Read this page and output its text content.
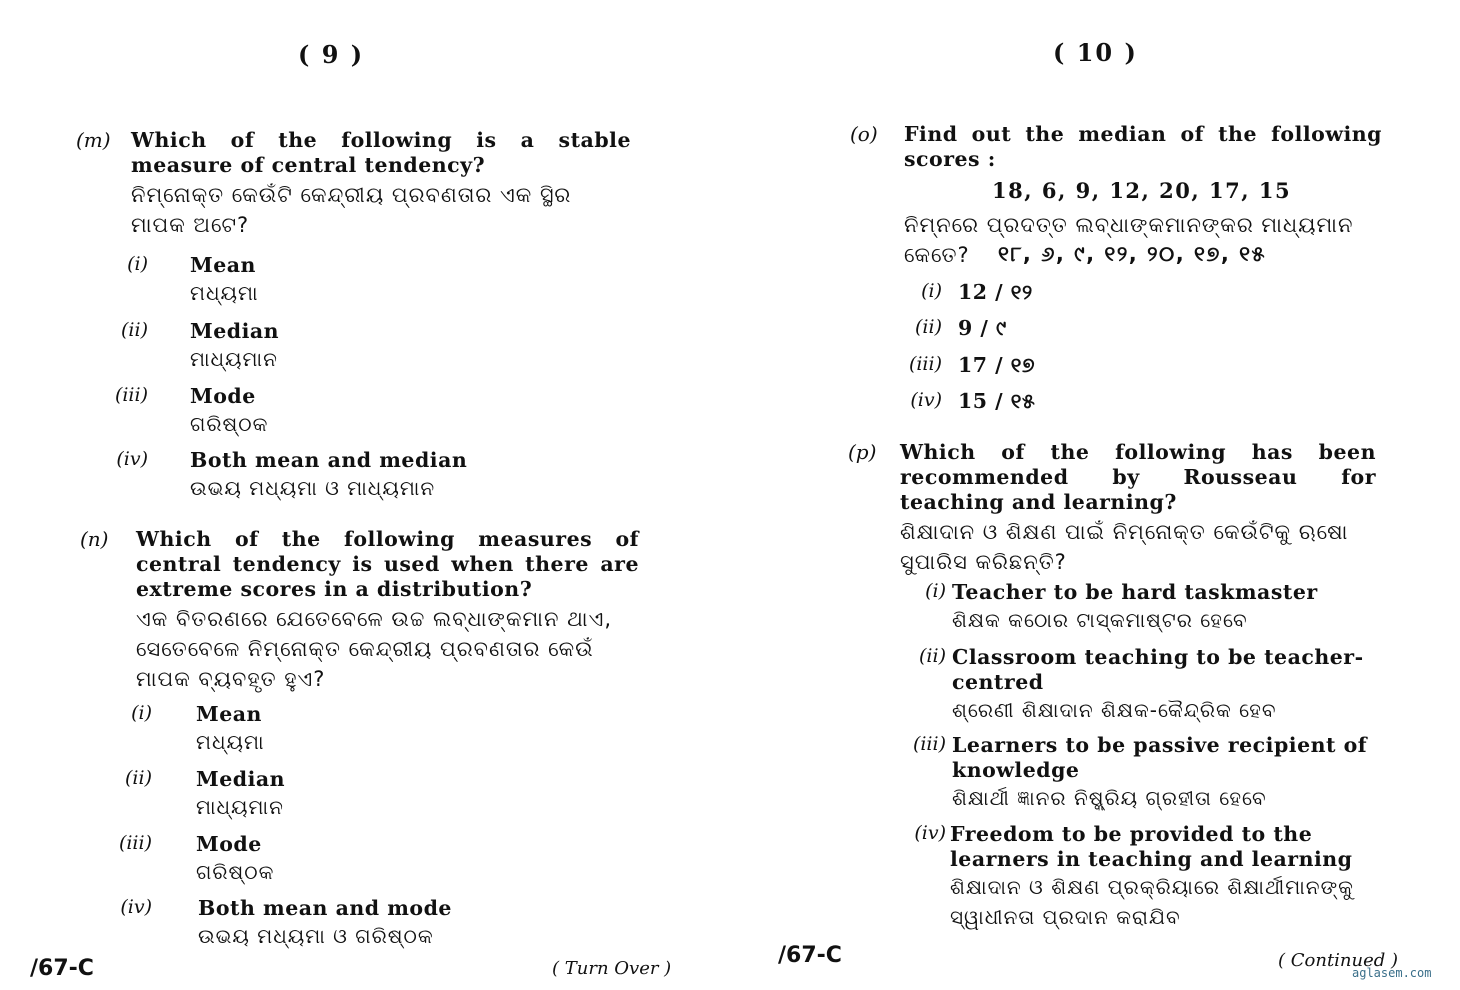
( 9 )
(m) Which of the following is a stable measure of central tendency?
ନିମ୍ନୋକ୍ତ କେଉଁଟି କେନ୍ଦ୍ରୀୟ ପ୍ରବଣତାର ଏକ ସ୍ଥିର ମାପକ ଅଟେ?
(i) Mean
ମଧ୍ୟମା
(ii) Median
ମାଧ୍ୟମାନ
(iii) Mode
ଗରିଷ୍ଠକ
(iv) Both mean and median
ଉଭୟ ମଧ୍ୟମା ଓ ମାଧ୍ୟମାନ
(n) Which of the following measures of central tendency is used when there are extreme scores in a distribution?
ଏକ ବିତରଣରେ ଯେତେବେଳେ ଉଚ୍ଚ ଲବ୍ଧାଙ୍କମାନ ଥାଏ, ସେତେବେଳେ ନିମ୍ନୋକ୍ତ କେନ୍ଦ୍ରୀୟ ପ୍ରବଣତାର କେଉଁ ମାପକ ବ୍ୟବହୃତ ହୁଏ?
(i) Mean
ମଧ୍ୟମା
(ii) Median
ମାଧ୍ୟମାନ
(iii) Mode
ଗରିଷ୍ଠକ
(iv) Both mean and mode
ଉଭୟ ମଧ୍ୟମା ଓ ଗରିଷ୍ଠକ
/67-C	( Turn Over )
( 10 )
(o) Find out the median of the following scores :
18, 6, 9, 12, 20, 17, 15
ନିମ୍ନରେ ପ୍ରଦତ୍ତ ଲବ୍ଧାଙ୍କମାନଙ୍କର ମାଧ୍ୟମାନ କେତେ?	୧୮, ୬, ୯, ୧୨, ୨୦, ୧୭, ୧୫
(i) 12 / ୧୨
(ii) 9 / ୯
(iii) 17 / ୧୭
(iv) 15 / ୧୫
(p) Which of the following has been recommended by Rousseau for teaching and learning?
ଶିକ୍ଷାଦାନ ଓ ଶିକ୍ଷଣ ପାଇଁ ନିମ୍ନୋକ୍ତ କେଉଁଟିକୁ ଋଷୋ ସୁପାରିସ କରିଛନ୍ତି?
(i) Teacher to be hard taskmaster
ଶିକ୍ଷକ କଠୋର ଟାସ୍କମାଷ୍ଟର ହେବେ
(ii) Classroom teaching to be teacher-centred
ଶ୍ରେଣୀ ଶିକ୍ଷାଦାନ ଶିକ୍ଷକ-କୈନ୍ଦ୍ରିକ ହେବ
(iii) Learners to be passive recipient of knowledge
ଶିକ୍ଷାର୍ଥୀ ଜ୍ଞାନର ନିଷ୍କ୍ରିୟ ଗ୍ରହୀତା ହେବେ
(iv) Freedom to be provided to the learners in teaching and learning
ଶିକ୍ଷାଦାନ ଓ ଶିକ୍ଷଣ ପ୍ରକ୍ରିୟାରେ ଶିକ୍ଷାର୍ଥୀମାନଙ୍କୁ ସ୍ୱାଧୀନତା ପ୍ରଦାନ କରାଯିବ
/67-C	( Continued )
aglasem.com
